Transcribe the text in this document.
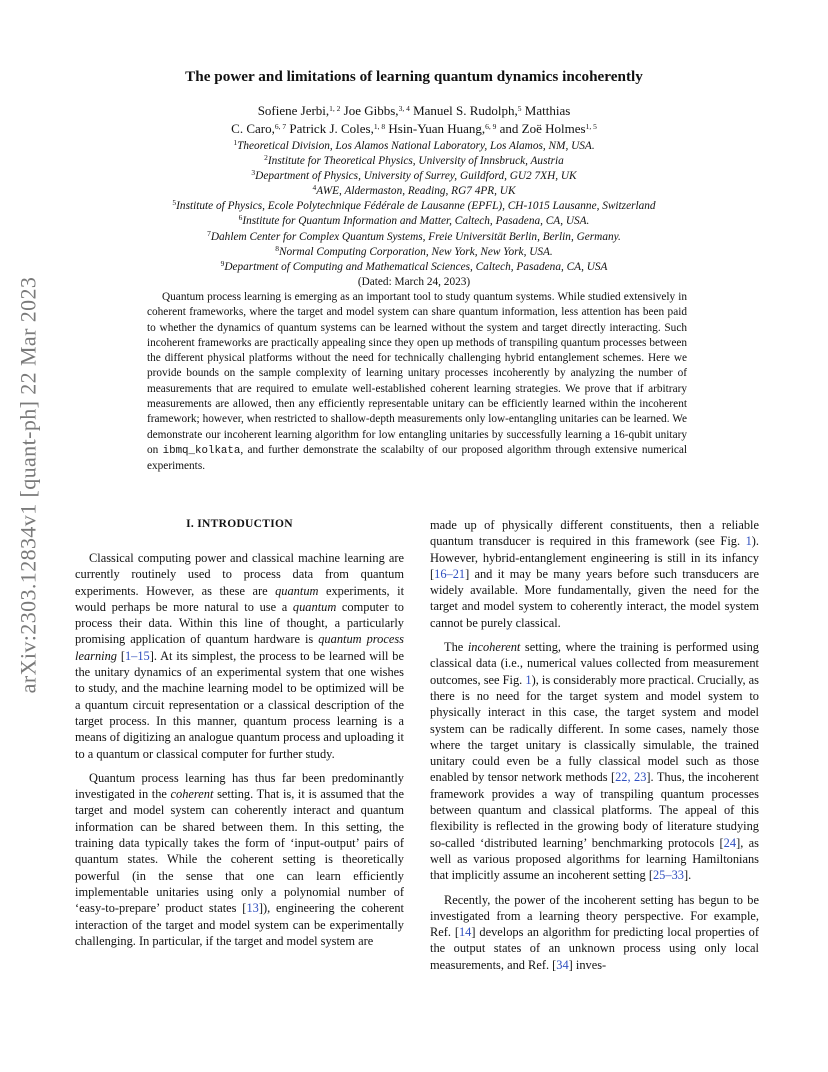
arXiv:2303.12834v1 [quant-ph] 22 Mar 2023
The power and limitations of learning quantum dynamics incoherently
Sofiene Jerbi,$^{1, 2}$ Joe Gibbs,$^{3, 4}$ Manuel S. Rudolph,$^5$ Matthias
C. Caro,$^{6, 7}$ Patrick J. Coles,$^{1, 8}$ Hsin-Yuan Huang,$^{6, 9}$ and Zoë Holmes$^{1, 5}$
$^1$Theoretical Division, Los Alamos National Laboratory, Los Alamos, NM, USA.
$^2$Institute for Theoretical Physics, University of Innsbruck, Austria
$^3$Department of Physics, University of Surrey, Guildford, GU2 7XH, UK
$^4$AWE, Aldermaston, Reading, RG7 4PR, UK
$^5$Institute of Physics, Ecole Polytechnique Fédérale de Lausanne (EPFL), CH-1015 Lausanne, Switzerland
$^6$Institute for Quantum Information and Matter, Caltech, Pasadena, CA, USA.
$^7$Dahlem Center for Complex Quantum Systems, Freie Universität Berlin, Berlin, Germany.
$^8$Normal Computing Corporation, New York, New York, USA.
$^9$Department of Computing and Mathematical Sciences, Caltech, Pasadena, CA, USA
(Dated: March 24, 2023)

Quantum process learning is emerging as an important tool to study quantum systems. While studied extensively in coherent frameworks, where the target and model system can share quantum information, less attention has been paid to whether the dynamics of quantum systems can be learned without the system and target directly interacting. Such incoherent frameworks are practically appealing since they open up methods of transpiling quantum processes between the different physical platforms without the need for technically challenging hybrid entanglement schemes. Here we provide bounds on the sample complexity of learning unitary processes incoherently by analyzing the number of measurements that are required to emulate well-established coherent learning strategies. We prove that if arbitrary measurements are allowed, then any efficiently representable unitary can be efficiently learned within the incoherent framework; however, when restricted to shallow-depth measurements only low-entangling unitaries can be learned. We demonstrate our incoherent learning algorithm for low entangling unitaries by successfully learning a 16-qubit unitary on ibmq_kolkata, and further demonstrate the scalabilty of our proposed algorithm through extensive numerical experiments.

I. INTRODUCTION

Classical computing power and classical machine learning are currently routinely used to process data from quantum experiments. However, as these are quantum experiments, it would perhaps be more natural to use a quantum computer to process their data. Within this line of thought, a particularly promising application of quantum hardware is quantum process learning [1–15]. At its simplest, the process to be learned will be the unitary dynamics of an experimental system that one wishes to study, and the machine learning model to be optimized will be a quantum circuit representation or a classical description of the target process. In this manner, quantum process learning is a means of digitizing an analogue quantum process and uploading it to a quantum or classical computer for further study.

Quantum process learning has thus far been predominantly investigated in the coherent setting. That is, it is assumed that the target and model system can coherently interact and quantum information can be shared between them. In this setting, the training data typically takes the form of ‘input-output’ pairs of quantum states. While the coherent setting is theoretically powerful (in the sense that one can learn efficiently implementable unitaries using only a polynomial number of ‘easy-to-prepare’ product states [13]), engineering the coherent interaction of the target and model system can be experimentally challenging. In particular, if the target and model system are

made up of physically different constituents, then a reliable quantum transducer is required in this framework (see Fig. 1). However, hybrid-entanglement engineering is still in its infancy [16–21] and it may be many years before such transducers are widely available. More fundamentally, given the need for the target and model system to coherently interact, the model system cannot be purely classical.

The incoherent setting, where the training is performed using classical data (i.e., numerical values collected from measurement outcomes, see Fig. 1), is considerably more practical. Crucially, as there is no need for the target system and model system to physically interact in this case, the target system and model system can be radically different. In some cases, namely those where the target unitary is classically simulable, the trained unitary could even be a fully classical model such as those enabled by tensor network methods [22, 23]. Thus, the incoherent framework provides a way of transpiling quantum processes between quantum and classical platforms. The appeal of this flexibility is reflected in the growing body of literature studying so-called ‘distributed learning’ benchmarking protocols [24], as well as various proposed algorithms for learning Hamiltonians that implicitly assume an incoherent setting [25–33].

Recently, the power of the incoherent setting has begun to be investigated from a learning theory perspective. For example, Ref. [14] develops an algorithm for predicting local properties of the output states of an unknown process using only local measurements, and Ref. [34] inves-
